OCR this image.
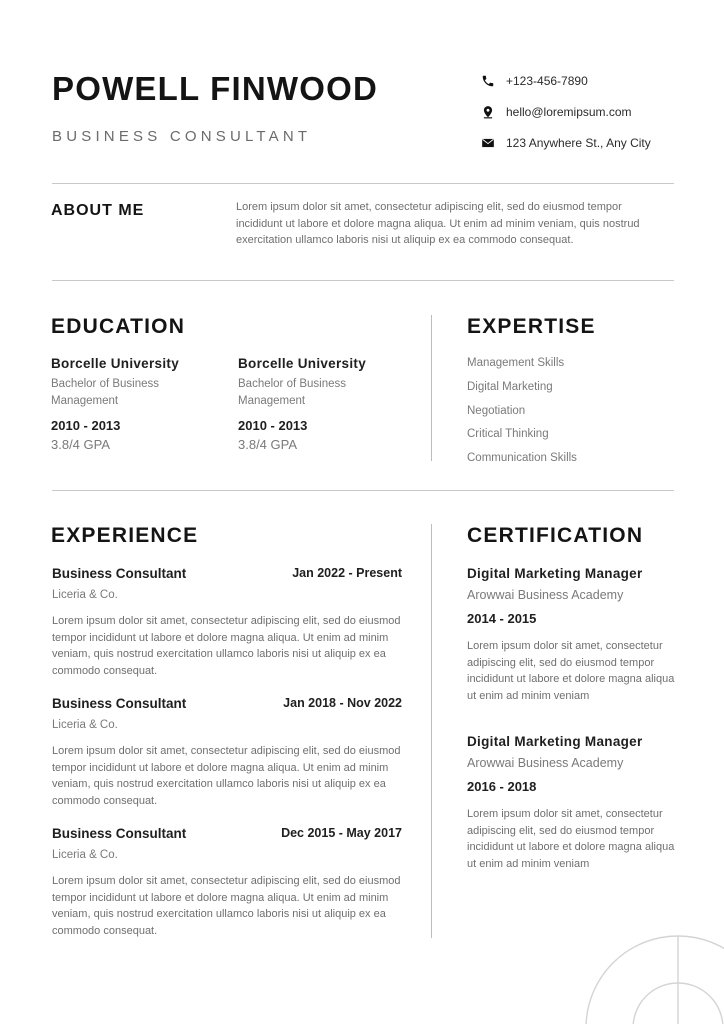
POWELL FINWOOD
BUSINESS CONSULTANT
+123-456-7890
hello@loremipsum.com
123 Anywhere St., Any City
ABOUT ME	Lorem ipsum dolor sit amet, consectetur adipiscing elit, sed do eiusmod tempor incididunt ut labore et dolore magna aliqua. Ut enim ad minim veniam, quis nostrud exercitation ullamco laboris nisi ut aliquip ex ea commodo consequat.
EDUCATION
Borcelle University
Bachelor of Business Management
2010 - 2013
3.8/4 GPA
Borcelle University
Bachelor of Business Management
2010 - 2013
3.8/4 GPA
EXPERTISE
Management Skills
Digital Marketing
Negotiation
Critical Thinking
Communication Skills
EXPERIENCE
Business Consultant	Jan 2022 - Present
Liceria & Co.
Lorem ipsum dolor sit amet, consectetur adipiscing elit, sed do eiusmod tempor incididunt ut labore et dolore magna aliqua. Ut enim ad minim veniam, quis nostrud exercitation ullamco laboris nisi ut aliquip ex ea commodo consequat.
Business Consultant	Jan 2018 - Nov 2022
Liceria & Co.
Lorem ipsum dolor sit amet, consectetur adipiscing elit, sed do eiusmod tempor incididunt ut labore et dolore magna aliqua. Ut enim ad minim veniam, quis nostrud exercitation ullamco laboris nisi ut aliquip ex ea commodo consequat.
Business Consultant	Dec 2015 - May 2017
Liceria & Co.
Lorem ipsum dolor sit amet, consectetur adipiscing elit, sed do eiusmod tempor incididunt ut labore et dolore magna aliqua. Ut enim ad minim veniam, quis nostrud exercitation ullamco laboris nisi ut aliquip ex ea commodo consequat.
CERTIFICATION
Digital Marketing Manager
Arowwai Business Academy
2014 - 2015
Lorem ipsum dolor sit amet, consectetur adipiscing elit, sed do eiusmod tempor incididunt ut labore et dolore magna aliqua ut enim ad minim veniam
Digital Marketing Manager
Arowwai Business Academy
2016 - 2018
Lorem ipsum dolor sit amet, consectetur adipiscing elit, sed do eiusmod tempor incididunt ut labore et dolore magna aliqua ut enim ad minim veniam
